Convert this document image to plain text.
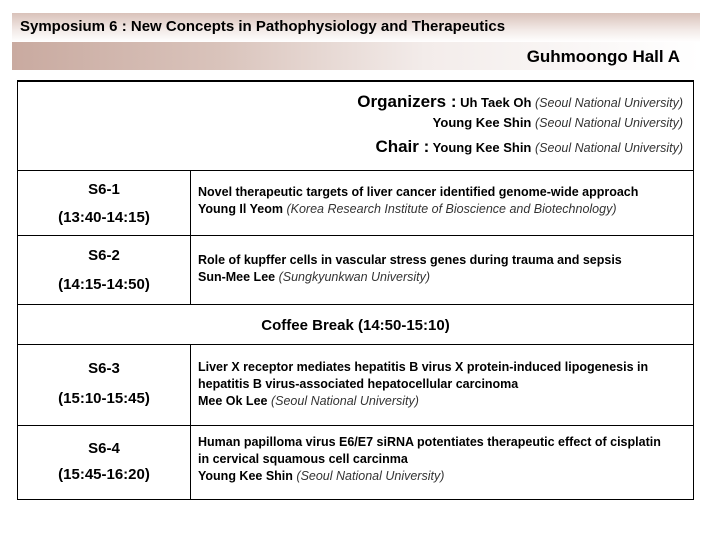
Symposium 6 : New Concepts in Pathophysiology and Therapeutics
Guhmoongo Hall A
Organizers : Uh Taek Oh (Seoul National University)
Young Kee Shin (Seoul National University)
Chair : Young Kee Shin (Seoul National University)
S6-1
(13:40-14:15)
Novel therapeutic targets of liver cancer identified genome-wide approach
Young Il Yeom (Korea Research Institute of Bioscience and Biotechnology)
S6-2
(14:15-14:50)
Role of kupffer cells in vascular stress genes during trauma and sepsis
Sun-Mee Lee (Sungkyunkwan University)
Coffee Break (14:50-15:10)
S6-3
(15:10-15:45)
Liver X receptor mediates hepatitis B virus X protein-induced lipogenesis in
hepatitis B virus-associated hepatocellular carcinoma
Mee Ok Lee (Seoul National University)
S6-4
(15:45-16:20)
Human papilloma virus E6/E7 siRNA potentiates therapeutic effect of cisplatin
in cervical squamous cell carcinma
Young Kee Shin (Seoul National University)
